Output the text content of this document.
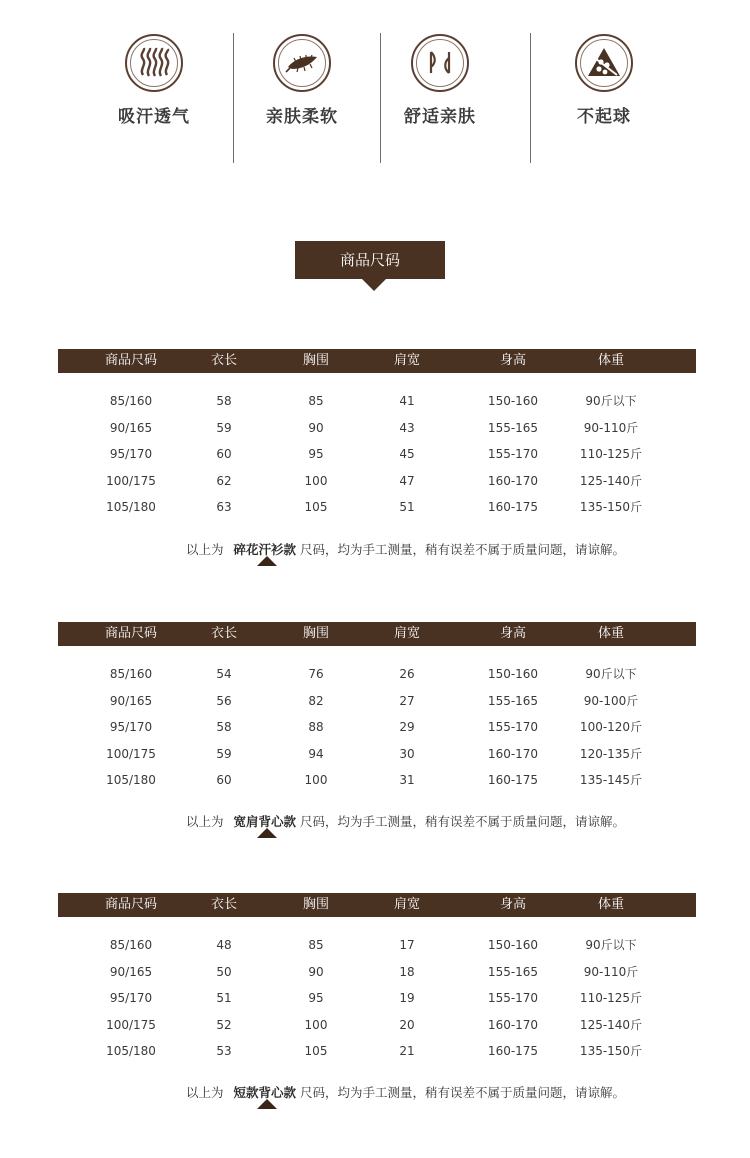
吸汗透气	亲肤柔软	舒适亲肤	不起球
商品尺码
商品尺码	衣长	胸围	肩宽	身高	体重
85/160	58	85	41	150-160	90斤以下
90/165	59	90	43	155-165	90-110斤
95/170	60	95	45	155-170	110-125斤
100/175	62	100	47	160-170	125-140斤
105/180	63	105	51	160-175	135-150斤
以上为 碎花汗衫款 尺码，均为手工测量，稍有误差不属于质量问题，请谅解。
商品尺码	衣长	胸围	肩宽	身高	体重
85/160	54	76	26	150-160	90斤以下
90/165	56	82	27	155-165	90-100斤
95/170	58	88	29	155-170	100-120斤
100/175	59	94	30	160-170	120-135斤
105/180	60	100	31	160-175	135-145斤
以上为 宽肩背心款 尺码，均为手工测量，稍有误差不属于质量问题，请谅解。
商品尺码	衣长	胸围	肩宽	身高	体重
85/160	48	85	17	150-160	90斤以下
90/165	50	90	18	155-165	90-110斤
95/170	51	95	19	155-170	110-125斤
100/175	52	100	20	160-170	125-140斤
105/180	53	105	21	160-175	135-150斤
以上为 短款背心款 尺码，均为手工测量，稍有误差不属于质量问题，请谅解。
